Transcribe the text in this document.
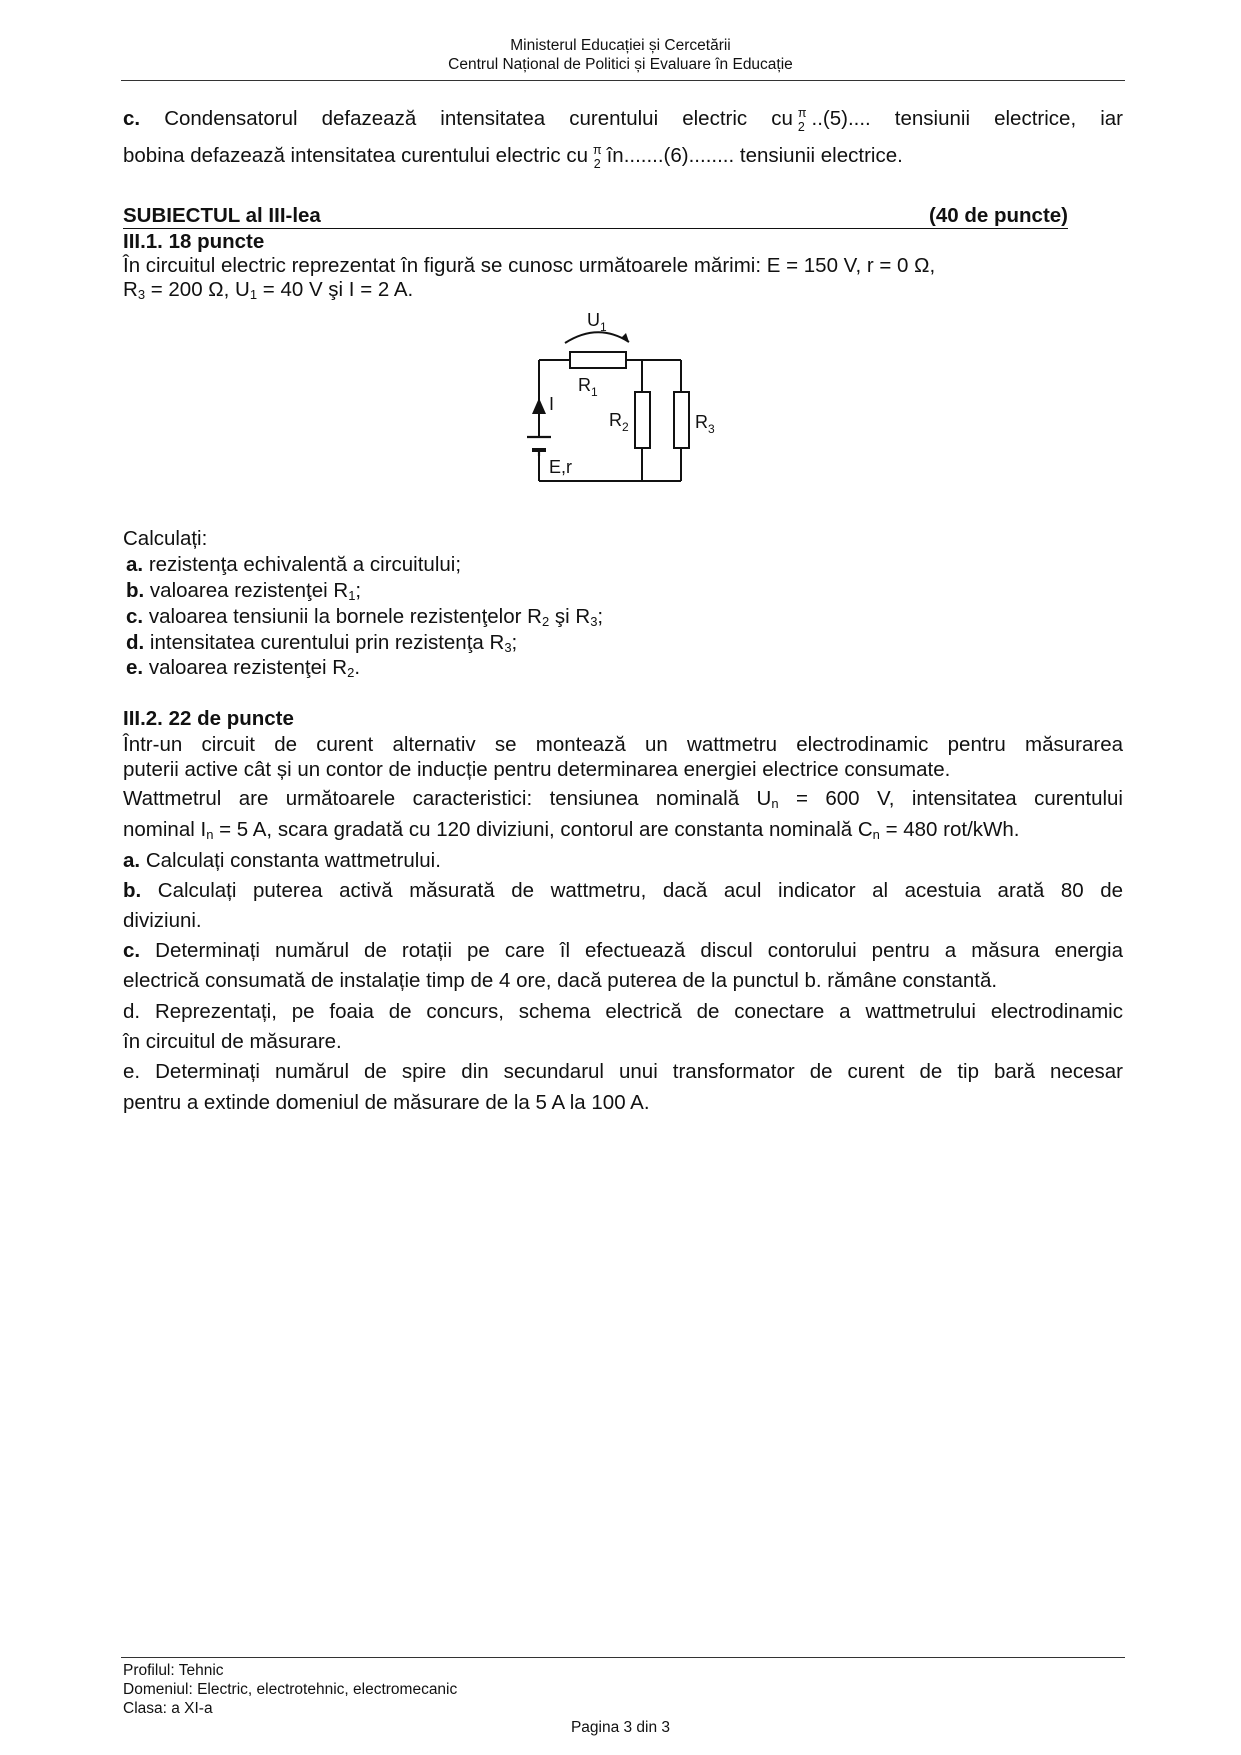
Ministerul Educației și Cercetării
Centrul Național de Politici și Evaluare în Educație
c. Condensatorul defazează intensitatea curentului electric cu π
2 ..(5).... tensiunii electrice, iar
bobina defazează intensitatea curentului electric cu π
2 în.......(6)........ tensiunii electrice.
SUBIECTUL al III-lea	(40 de puncte)
III.1. 18 puncte
În circuitul electric reprezentat în figură se cunosc următoarele mărimi: E = 150 V, r = 0 Ω,
$R_3 = 200$ Ω, $U_1 = 40$ V şi I = 2 A.
$U_1$
$R_1$
$R_2$	$R_3$
I
E,r
Calculați:
a. rezistenţa echivalentă a circuitului;
b. valoarea rezistenţei $R_1$;
c. valoarea tensiunii la bornele rezistenţelor $R_2$ şi $R_3$;
d. intensitatea curentului prin rezistenţa $R_3$;
e. valoarea rezistenţei $R_2$.
III.2. 22 de puncte
Într-un circuit de curent alternativ se montează un wattmetru electrodinamic pentru măsurarea
puterii active cât și un contor de inducție pentru determinarea energiei electrice consumate.
Wattmetrul are următoarele caracteristici: tensiunea nominală $U_n = 600$ V, intensitatea curentului
nominal $I_n = 5$ A, scara gradată cu 120 diviziuni, contorul are constanta nominală $C_n = 480$ rot/kWh.
a. Calculați constanta wattmetrului.
b. Calculați puterea activă măsurată de wattmetru, dacă acul indicator al acestuia arată 80 de
diviziuni.
c. Determinați numărul de rotații pe care îl efectuează discul contorului pentru a măsura energia
electrică consumată de instalație timp de 4 ore, dacă puterea de la punctul b. rămâne constantă.
d. Reprezentați, pe foaia de concurs, schema electrică de conectare a wattmetrului electrodinamic
în circuitul de măsurare.
e. Determinați numărul de spire din secundarul unui transformator de curent de tip bară necesar
pentru a extinde domeniul de măsurare de la 5 A la 100 A.
Profilul: Tehnic
Domeniul: Electric, electrotehnic, electromecanic
Clasa: a XI-a
Pagina 3 din 3
